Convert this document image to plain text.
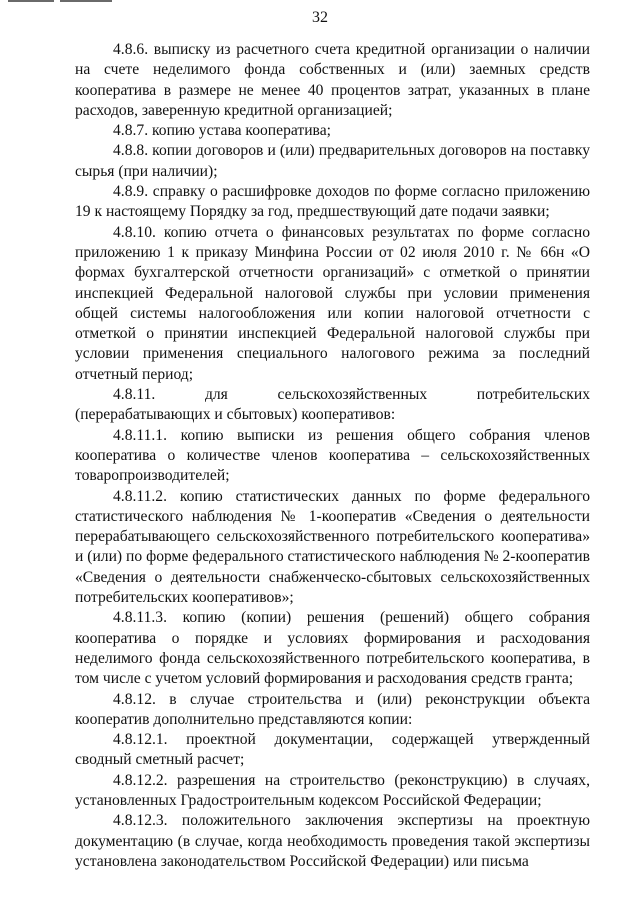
32

4.8.6. выписку из расчетного счета кредитной организации о наличии на счете неделимого фонда собственных и (или) заемных средств кооператива в размере не менее 40 процентов затрат, указанных в плане расходов, заверенную кредитной организацией;

4.8.7. копию устава кооператива;

4.8.8. копии договоров и (или) предварительных договоров на поставку сырья (при наличии);

4.8.9. справку о расшифровке доходов по форме согласно приложению 19 к настоящему Порядку за год, предшествующий дате подачи заявки;

4.8.10. копию отчета о финансовых результатах по форме согласно приложению 1 к приказу Минфина России от 02 июля 2010 г. № 66н «О формах бухгалтерской отчетности организаций» с отметкой о принятии инспекцией Федеральной налоговой службы при условии применения общей системы налогообложения или копии налоговой отчетности с отметкой о принятии инспекцией Федеральной налоговой службы при условии применения специального налогового режима за последний отчетный период;

4.8.11. для сельскохозяйственных потребительских (перерабатывающих и сбытовых) кооперативов:

4.8.11.1. копию выписки из решения общего собрания членов кооператива о количестве членов кооператива – сельскохозяйственных товаропроизводителей;

4.8.11.2. копию статистических данных по форме федерального статистического наблюдения № 1-кооператив «Сведения о деятельности перерабатывающего сельскохозяйственного потребительского кооператива» и (или) по форме федерального статистического наблюдения № 2-кооператив «Сведения о деятельности снабженческо-сбытовых сельскохозяйственных потребительских кооперативов»;

4.8.11.3. копию (копии) решения (решений) общего собрания кооператива о порядке и условиях формирования и расходования неделимого фонда сельскохозяйственного потребительского кооператива, в том числе с учетом условий формирования и расходования средств гранта;

4.8.12. в случае строительства и (или) реконструкции объекта кооператив дополнительно представляются копии:

4.8.12.1. проектной документации, содержащей утвержденный сводный сметный расчет;

4.8.12.2. разрешения на строительство (реконструкцию) в случаях, установленных Градостроительным кодексом Российской Федерации;

4.8.12.3. положительного заключения экспертизы на проектную документацию (в случае, когда необходимость проведения такой экспертизы установлена законодательством Российской Федерации) или письма
